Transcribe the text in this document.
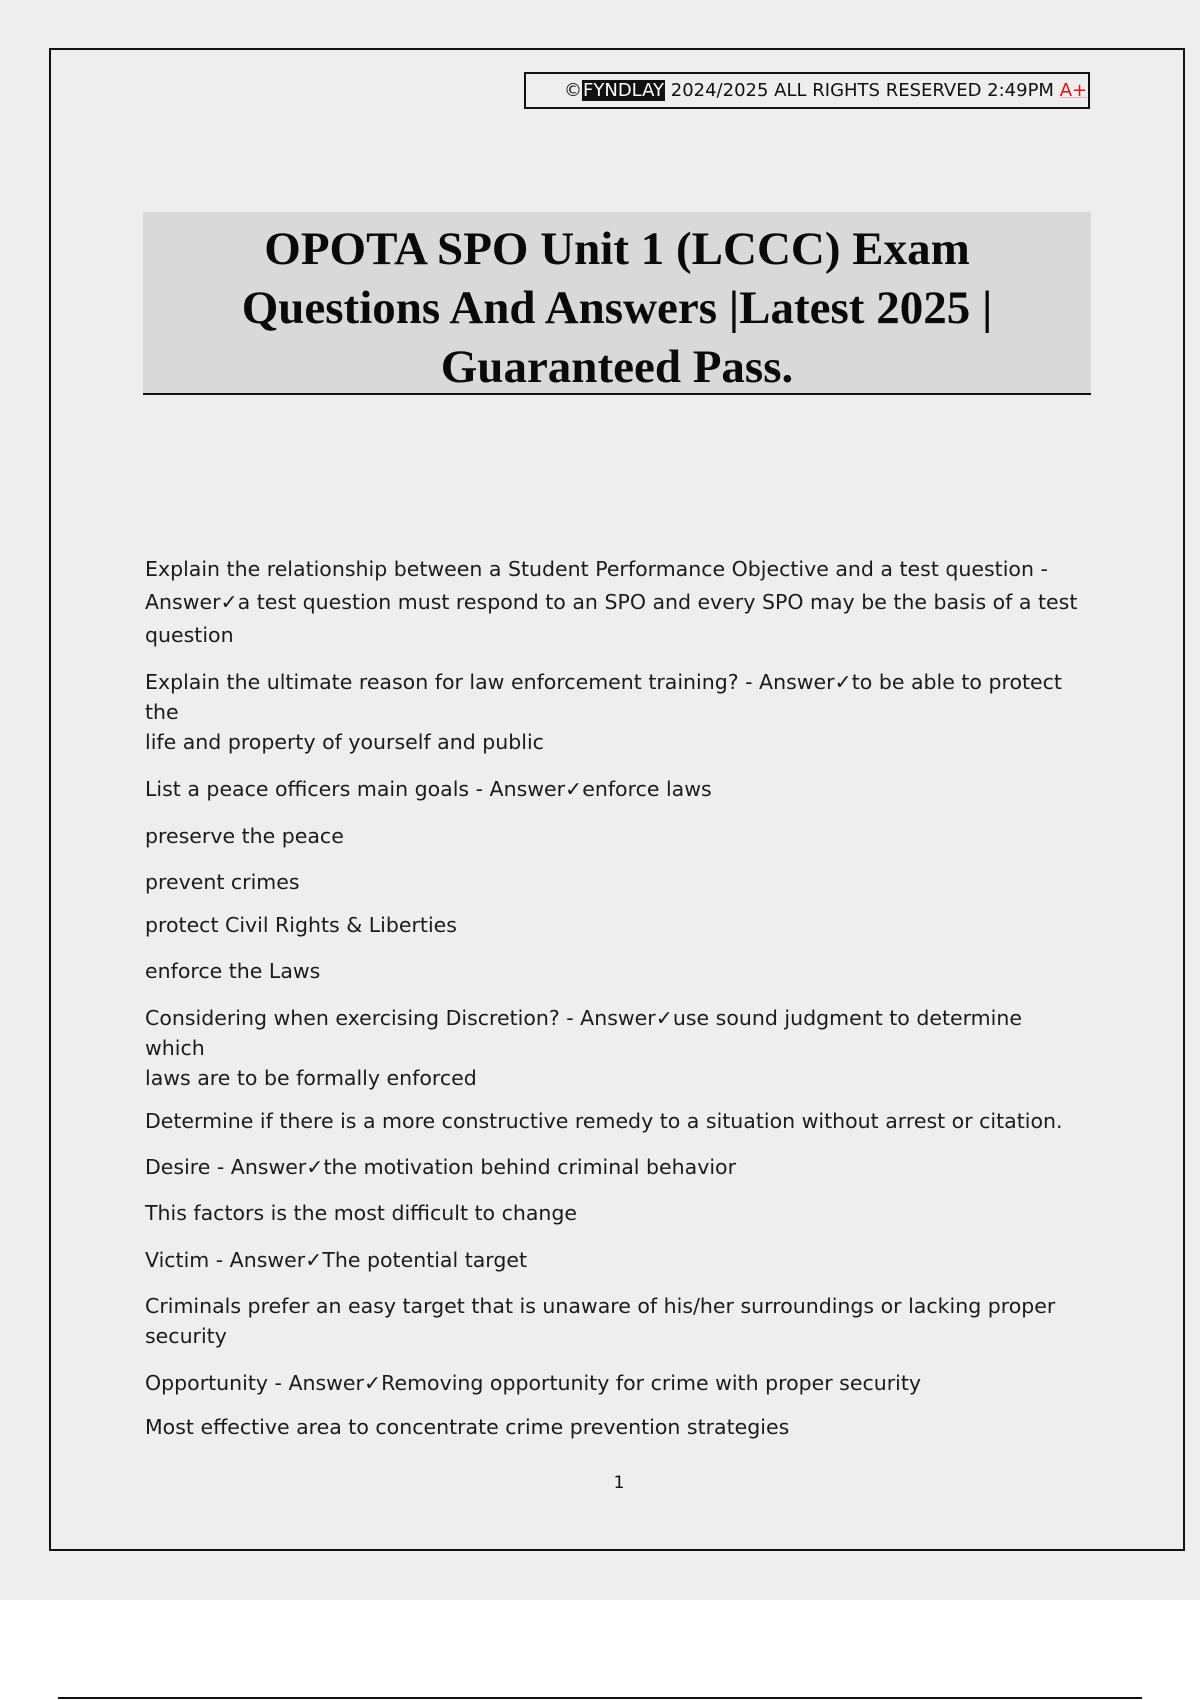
©FYNDLAY 2024/2025 ALL RIGHTS RESERVED 2:49PM A+
OPOTA SPO Unit 1 (LCCC) Exam
Questions And Answers |Latest 2025 |
Guaranteed Pass.
Explain the relationship between a Student Performance Objective and a test question -
Answer✓a test question must respond to an SPO and every SPO may be the basis of a test
question
Explain the ultimate reason for law enforcement training? - Answer✓to be able to protect the
life and property of yourself and public
List a peace officers main goals - Answer✓enforce laws
preserve the peace
prevent crimes
protect Civil Rights & Liberties
enforce the Laws
Considering when exercising Discretion? - Answer✓use sound judgment to determine which
laws are to be formally enforced
Determine if there is a more constructive remedy to a situation without arrest or citation.
Desire - Answer✓the motivation behind criminal behavior
This factors is the most difficult to change
Victim - Answer✓The potential target
Criminals prefer an easy target that is unaware of his/her surroundings or lacking proper
security
Opportunity - Answer✓Removing opportunity for crime with proper security
Most effective area to concentrate crime prevention strategies
1
